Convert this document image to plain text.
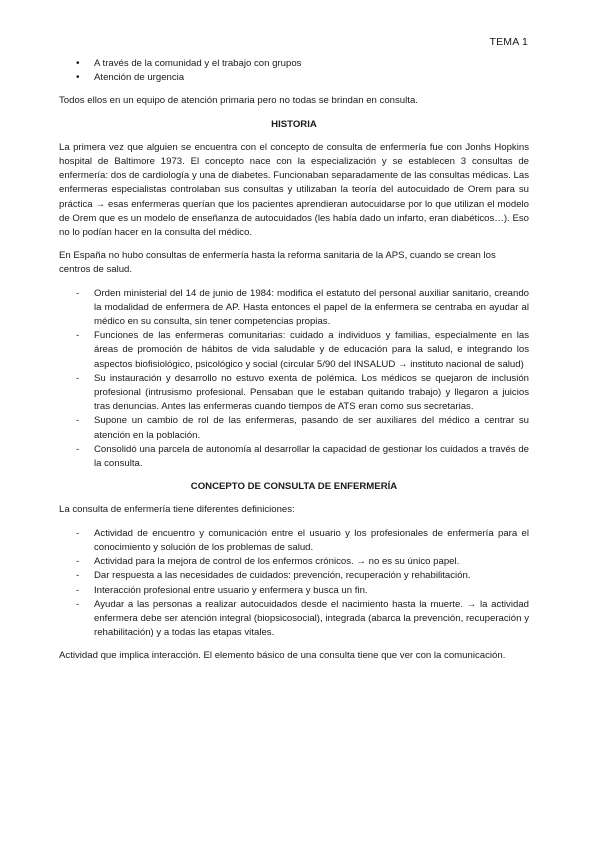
TEMA 1
• A través de la comunidad y el trabajo con grupos
• Atención de urgencia

Todos ellos en un equipo de atención primaria pero no todas se brindan en consulta.

HISTORIA

La primera vez que alguien se encuentra con el concepto de consulta de enfermería fue con Jonhs Hopkins hospital de Baltimore 1973. El concepto nace con la especialización y se establecen 3 consultas de enfermería: dos de cardiología y una de diabetes. Funcionaban separadamente de las consultas médicas. Las enfermeras especialistas controlaban sus consultas y utilizaban la teoría del autocuidado de Orem para su práctica → esas enfermeras querían que los pacientes aprendieran autocuidarse por lo que utilizan el modelo de Orem que es un modelo de enseñanza de autocuidados (les había dado un infarto, eran diabéticos…). Eso no lo podían hacer en la consulta del médico.

En España no hubo consultas de enfermería hasta la reforma sanitaria de la APS, cuando se crean los centros de salud.

- Orden ministerial del 14 de junio de 1984: modifica el estatuto del personal auxiliar sanitario, creando la modalidad de enfermera de AP. Hasta entonces el papel de la enfermera se centraba en ayudar al médico en su consulta, sin tener competencias propias.
- Funciones de las enfermeras comunitarias: cuidado a individuos y familias, especialmente en las áreas de promoción de hábitos de vida saludable y de educación para la salud, e integrando los aspectos biofisiológico, psicológico y social (circular 5/90 del INSALUD → instituto nacional de salud)
- Su instauración y desarrollo no estuvo exenta de polémica. Los médicos se quejaron de inclusión profesional (intrusismo profesional. Pensaban que le estaban quitando trabajo) y llegaron a juicios tras denuncias. Antes las enfermeras cuando tiempos de ATS eran como sus secretarias.
- Supone un cambio de rol de las enfermeras, pasando de ser auxiliares del médico a centrar su atención en la población.
- Consolidó una parcela de autonomía al desarrollar la capacidad de gestionar los cuidados a través de la consulta.
CONCEPTO DE CONSULTA DE ENFERMERÍA

La consulta de enfermería tiene diferentes definiciones:

- Actividad de encuentro y comunicación entre el usuario y los profesionales de enfermería para el conocimiento y solución de los problemas de salud.
- Actividad para la mejora de control de los enfermos crónicos. → no es su único papel.
- Dar respuesta a las necesidades de cuidados: prevención, recuperación y rehabilitación.
- Interacción profesional entre usuario y enfermera y busca un fin.
- Ayudar a las personas a realizar autocuidados desde el nacimiento hasta la muerte. → la actividad enfermera debe ser atención integral (biopsicosocial), integrada (abarca la prevención, recuperación y rehabilitación) y a todas las etapas vitales.

Actividad que implica interacción. El elemento básico de una consulta tiene que ver con la comunicación.
